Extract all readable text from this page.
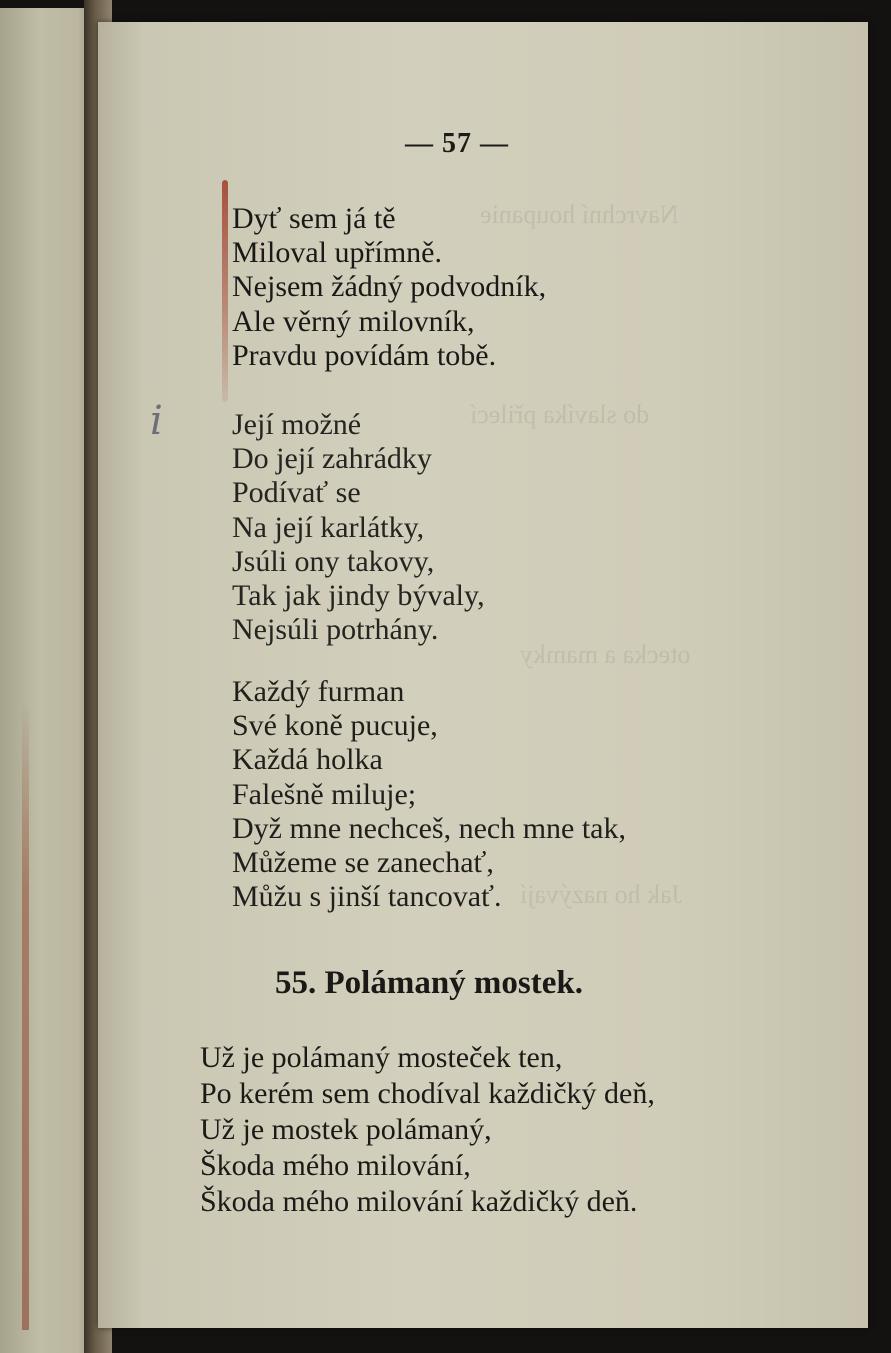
Navrchní houpanie
do slavíka přilecí
otecka a mamky
Jak ho nazývají
— 57 —
i
Dyť sem já tě
Miloval upřímně.
Nejsem žádný podvodník,
Ale věrný milovník,
Pravdu povídám tobě.
Její možné
Do její zahrádky
Podívať se
Na její karlátky,
Jsúli ony takovy,
Tak jak jindy bývaly,
Nejsúli potrhány.
Každý furman
Své koně pucuje,
Každá holka
Falešně miluje;
Dyž mne nechceš, nech mne tak,
Můžeme se zanechať,
Můžu s jinší tancovať.
55. Polámaný mostek.
Už je polámaný mosteček ten,
Po kerém sem chodíval každičký deň,
Už je mostek polámaný,
Škoda mého milování,
Škoda mého milování každičký deň.
